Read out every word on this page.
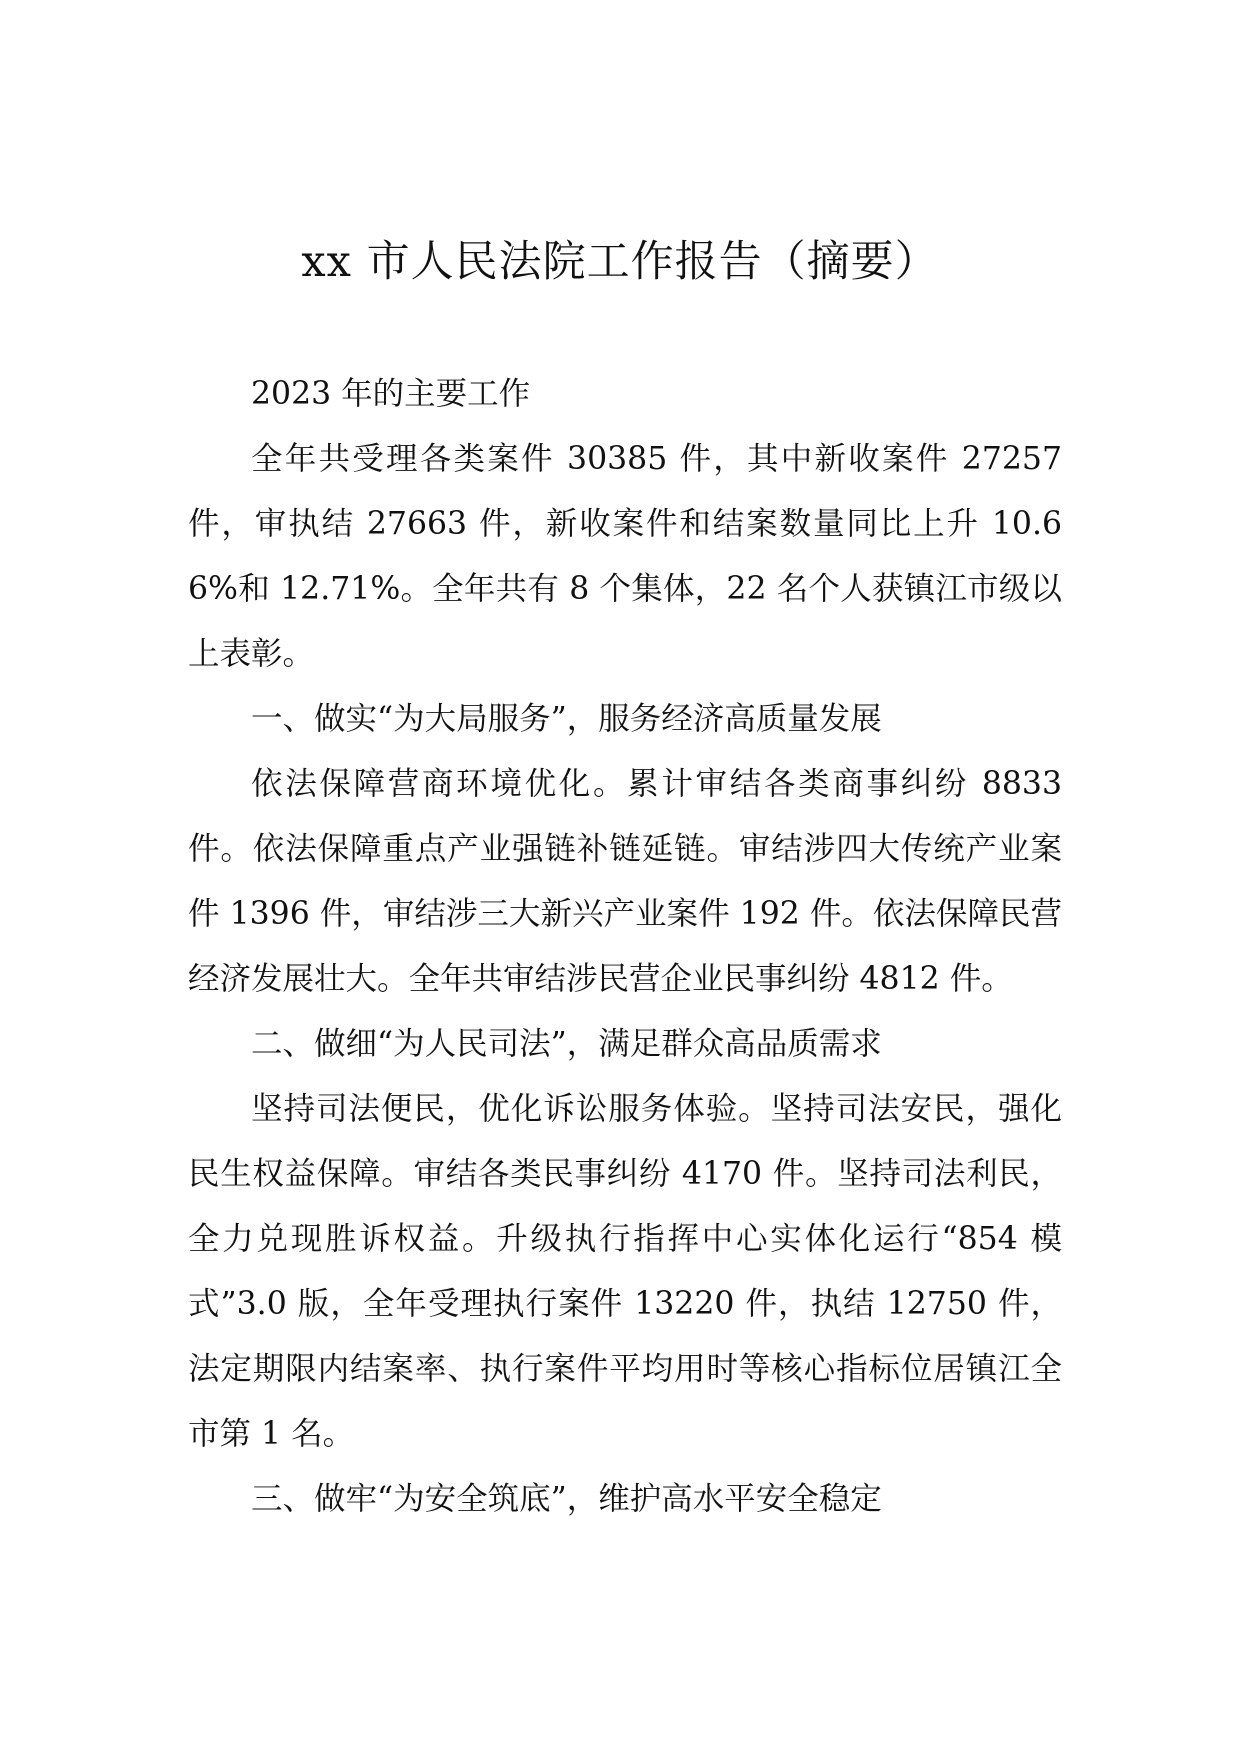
xx 市人民法院工作报告（摘要）

2023 年的主要工作

全年共受理各类案件 30385 件，其中新收案件 27257 件，审执结 27663 件，新收案件和结案数量同比上升 10.66%和 12.71%。全年共有 8 个集体，22 名个人获镇江市级以上表彰。

一、做实“为大局服务”，服务经济高质量发展

依法保障营商环境优化。累计审结各类商事纠纷 8833 件。依法保障重点产业强链补链延链。审结涉四大传统产业案件 1396 件，审结涉三大新兴产业案件 192 件。依法保障民营经济发展壮大。全年共审结涉民营企业民事纠纷 4812 件。

二、做细“为人民司法”，满足群众高品质需求

坚持司法便民，优化诉讼服务体验。坚持司法安民，强化民生权益保障。审结各类民事纠纷 4170 件。坚持司法利民，全力兑现胜诉权益。升级执行指挥中心实体化运行“854 模式”3.0 版，全年受理执行案件 13220 件，执结 12750 件，法定期限内结案率、执行案件平均用时等核心指标位居镇江全市第 1 名。

三、做牢“为安全筑底”，维护高水平安全稳定
